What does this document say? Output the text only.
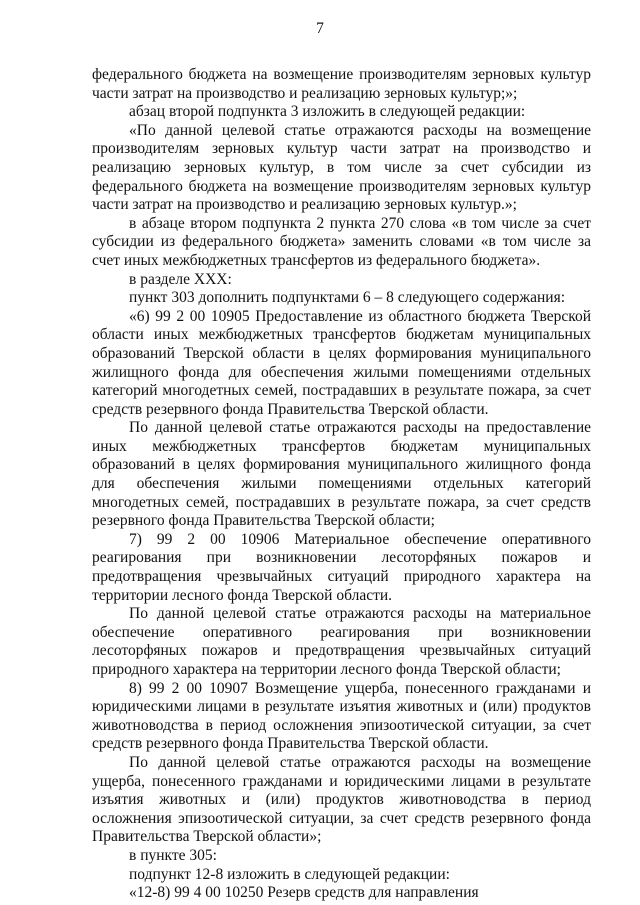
7

федерального бюджета на возмещение производителям зерновых культур части затрат на производство и реализацию зерновых культур;»;

абзац второй подпункта 3 изложить в следующей редакции:

«По данной целевой статье отражаются расходы на возмещение производителям зерновых культур части затрат на производство и реализацию зерновых культур, в том числе за счет субсидии из федерального бюджета на возмещение производителям зерновых культур части затрат на производство и реализацию зерновых культур.»;

в абзаце втором подпункта 2 пункта 270 слова «в том числе за счет субсидии из федерального бюджета» заменить словами «в том числе за счет иных межбюджетных трансфертов из федерального бюджета».

в разделе XXX:

пункт 303 дополнить подпунктами 6 – 8 следующего содержания:

«6) 99 2 00 10905 Предоставление из областного бюджета Тверской области иных межбюджетных трансфертов бюджетам муниципальных образований Тверской области в целях формирования муниципального жилищного фонда для обеспечения жилыми помещениями отдельных категорий многодетных семей, пострадавших в результате пожара, за счет средств резервного фонда Правительства Тверской области.

По данной целевой статье отражаются расходы на предоставление иных межбюджетных трансфертов бюджетам муниципальных образований в целях формирования муниципального жилищного фонда для обеспечения жилыми помещениями отдельных категорий многодетных семей, пострадавших в результате пожара, за счет средств резервного фонда Правительства Тверской области;

7) 99 2 00 10906 Материальное обеспечение оперативного реагирования при возникновении лесоторфяных пожаров и предотвращения чрезвычайных ситуаций природного характера на территории лесного фонда Тверской области.

По данной целевой статье отражаются расходы на материальное обеспечение оперативного реагирования при возникновении лесоторфяных пожаров и предотвращения чрезвычайных ситуаций природного характера на территории лесного фонда Тверской области;

8) 99 2 00 10907 Возмещение ущерба, понесенного гражданами и юридическими лицами в результате изъятия животных и (или) продуктов животноводства в период осложнения эпизоотической ситуации, за счет средств резервного фонда Правительства Тверской области.

По данной целевой статье отражаются расходы на возмещение ущерба, понесенного гражданами и юридическими лицами в результате изъятия животных и (или) продуктов животноводства в период осложнения эпизоотической ситуации, за счет средств резервного фонда Правительства Тверской области»;

в пункте 305:

подпункт 12-8 изложить в следующей редакции:

«12-8) 99 4 00 10250 Резерв средств для направления
